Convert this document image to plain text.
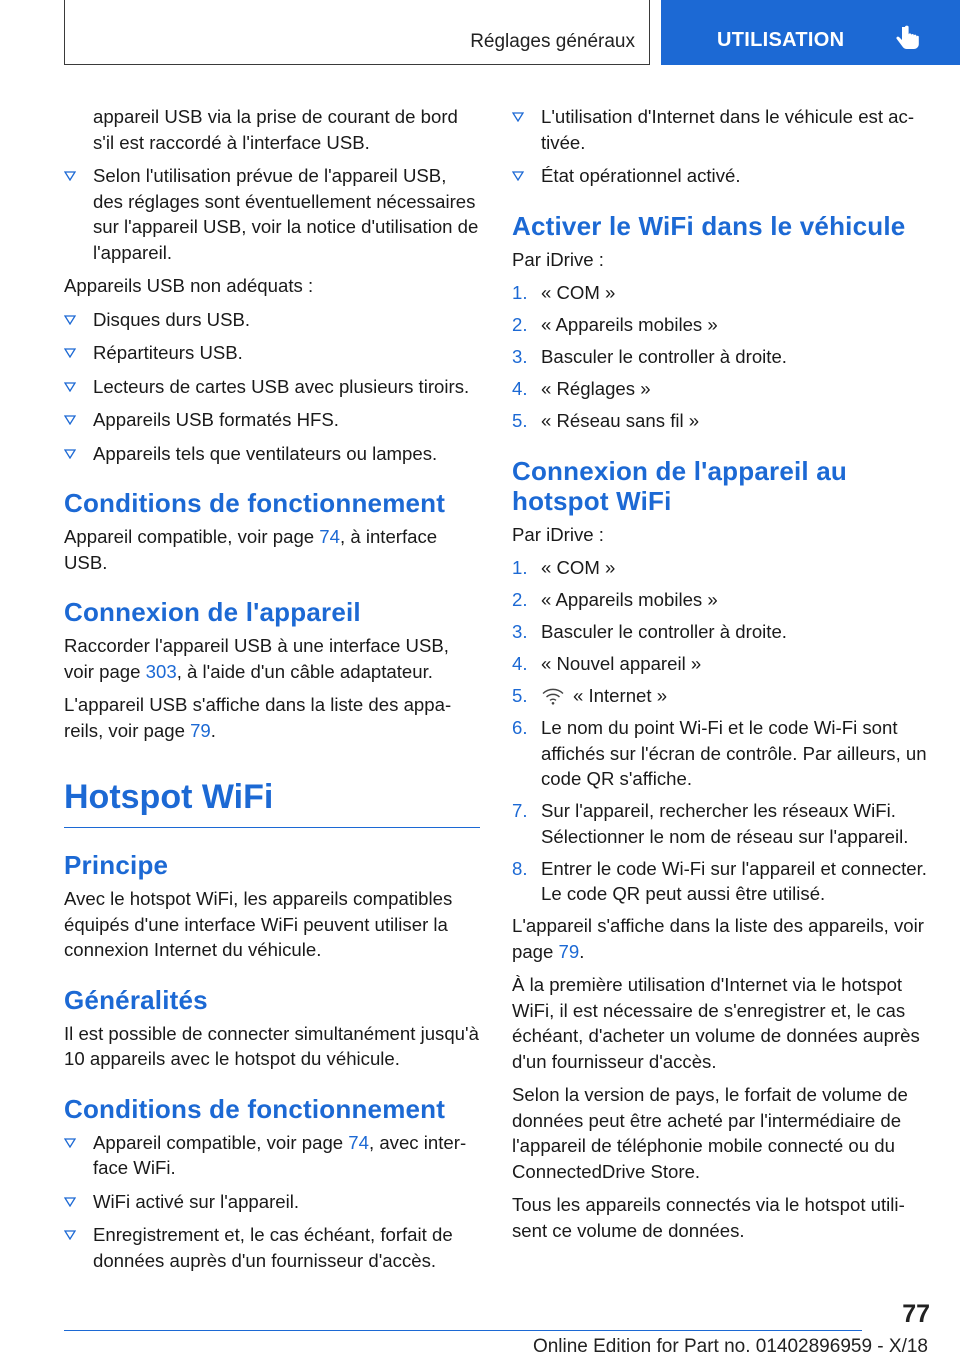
Réglages généraux	UTILISATION
appareil USB via la prise de courant de bord s'il est raccordé à l'interface USB.
Selon l'utilisation prévue de l'appareil USB, des réglages sont éventuellement nécessaires sur l'appareil USB, voir la notice d'utilisation de l'appareil.

Appareils USB non adéquats :

Disques durs USB.
Répartiteurs USB.
Lecteurs de cartes USB avec plusieurs tiroirs.
Appareils USB formatés HFS.
Appareils tels que ventilateurs ou lampes.
Conditions de fonctionnement

Appareil compatible, voir page 74, à interface USB.

Connexion de l'appareil

Raccorder l'appareil USB à une interface USB, voir page 303, à l'aide d'un câble adaptateur.

L'appareil USB s'affiche dans la liste des appareils, voir page 79.

Hotspot WiFi
Principe

Avec le hotspot WiFi, les appareils compatibles équipés d'une interface WiFi peuvent utiliser la connexion Internet du véhicule.

Généralités

Il est possible de connecter simultanément jusqu'à 10 appareils avec le hotspot du véhicule.

Conditions de fonctionnement
Appareil compatible, voir page 74, avec interface WiFi.
WiFi activé sur l'appareil.
Enregistrement et, le cas échéant, forfait de données auprès d'un fournisseur d'accès.
L'utilisation d'Internet dans le véhicule est activée.
État opérationnel activé.
Activer le WiFi dans le véhicule

Par iDrive :

1. « COM »
2. « Appareils mobiles »
3. Basculer le controller à droite.
4. « Réglages »
5. « Réseau sans fil »
Connexion de l'appareil au hotspot WiFi

Par iDrive :

1. « COM »
2. « Appareils mobiles »
3. Basculer le controller à droite.
4. « Nouvel appareil »
5. « Internet »
6. Le nom du point Wi-Fi et le code Wi-Fi sont affichés sur l'écran de contrôle. Par ailleurs, un code QR s'affiche.
7. Sur l'appareil, rechercher les réseaux WiFi. Sélectionner le nom de réseau sur l'appareil.
8. Entrer le code Wi-Fi sur l'appareil et connecter. Le code QR peut aussi être utilisé.

L'appareil s'affiche dans la liste des appareils, voir page 79.

À la première utilisation d'Internet via le hotspot WiFi, il est nécessaire de s'enregistrer et, le cas échéant, d'acheter un volume de données auprès d'un fournisseur d'accès.

Selon la version de pays, le forfait de volume de données peut être acheté par l'intermédiaire de l'appareil de téléphonie mobile connecté ou du ConnectedDrive Store.

Tous les appareils connectés via le hotspot utilisent ce volume de données.

77
Online Edition for Part no. 01402896959 - X/18
